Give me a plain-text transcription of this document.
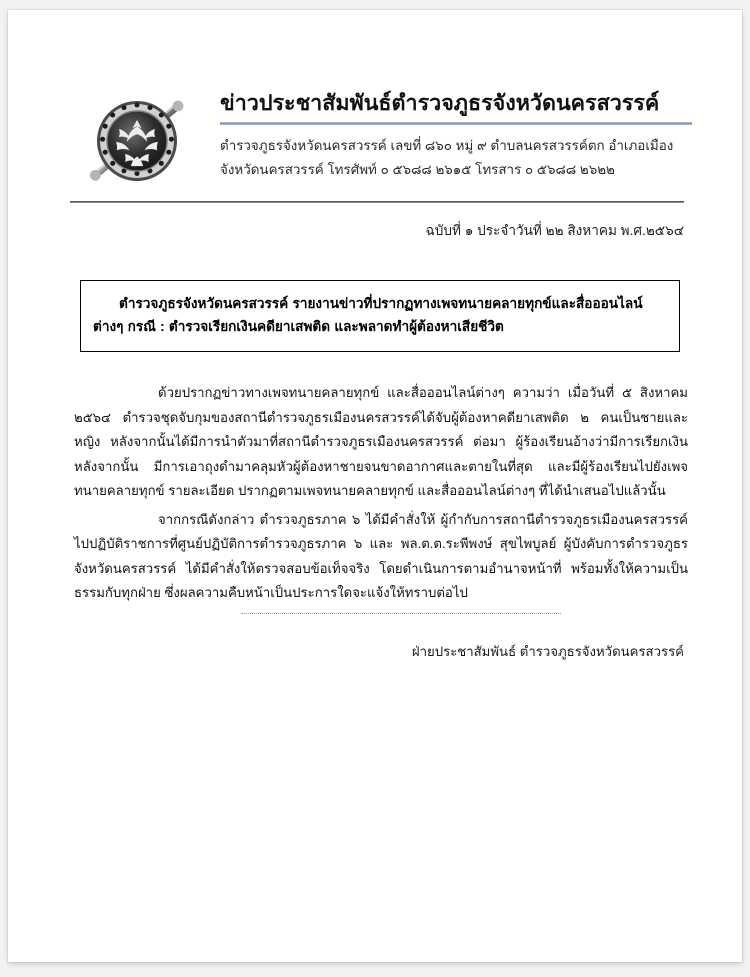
ข่าวประชาสัมพันธ์ตำรวจภูธรจังหวัดนครสวรรค์
ตำรวจภูธรจังหวัดนครสวรรค์ เลขที่ ๘๖๐ หมู่ ๙ ตำบลนครสวรรค์ตก อำเภอเมือง
จังหวัดนครสวรรค์ โทรศัพท์ ๐ ๕๖๘๘ ๒๖๑๕ โทรสาร ๐ ๕๖๘๘ ๒๖๒๒
ฉบับที่ ๑ ประจำวันที่ ๒๒ สิงหาคม พ.ศ.๒๕๖๔
ตำรวจภูธรจังหวัดนครสวรรค์ รายงานข่าวที่ปรากฏทางเพจทนายคลายทุกข์และสื่อออนไลน์ต่างๆ กรณี : ตำรวจเรียกเงินคดียาเสพติด และพลาดทำผู้ต้องหาเสียชีวิต

ด้วยปรากฏข่าวทางเพจทนายคลายทุกข์ และสื่อออนไลน์ต่างๆ ความว่า เมื่อวันที่ ๕ สิงหาคม ๒๕๖๔ ตำรวจชุดจับกุมของสถานีตำรวจภูธรเมืองนครสวรรค์ได้จับผู้ต้องหาคดียาเสพติด ๒ คนเป็นชายและหญิง หลังจากนั้นได้มีการนำตัวมาที่สถานีตำรวจภูธรเมืองนครสวรรค์ ต่อมา ผู้ร้องเรียนอ้างว่ามีการเรียกเงิน หลังจากนั้น มีการเอาถุงดำมาคลุมหัวผู้ต้องหาชายจนขาดอากาศและตายในที่สุด และมีผู้ร้องเรียนไปยังเพจทนายคลายทุกข์ รายละเอียด ปรากฏตามเพจทนายคลายทุกข์ และสื่อออนไลน์ต่างๆ ที่ได้นำเสนอไปแล้วนั้น

จากกรณีดังกล่าว ตำรวจภูธรภาค ๖ ได้มีคำสั่งให้ ผู้กำกับการสถานีตำรวจภูธรเมืองนครสวรรค์ ไปปฏิบัติราชการที่ศูนย์ปฏิบัติการตำรวจภูธรภาค ๖ และ พล.ต.ต.ระพีพงษ์ สุขไพบูลย์ ผู้บังคับการตำรวจภูธรจังหวัดนครสวรรค์ ได้มีคำสั่งให้ตรวจสอบข้อเท็จจริง โดยดำเนินการตามอำนาจหน้าที่ พร้อมทั้งให้ความเป็นธรรมกับทุกฝ่าย ซึ่งผลความคืบหน้าเป็นประการใดจะแจ้งให้ทราบต่อไป

ฝ่ายประชาสัมพันธ์ ตำรวจภูธรจังหวัดนครสวรรค์
